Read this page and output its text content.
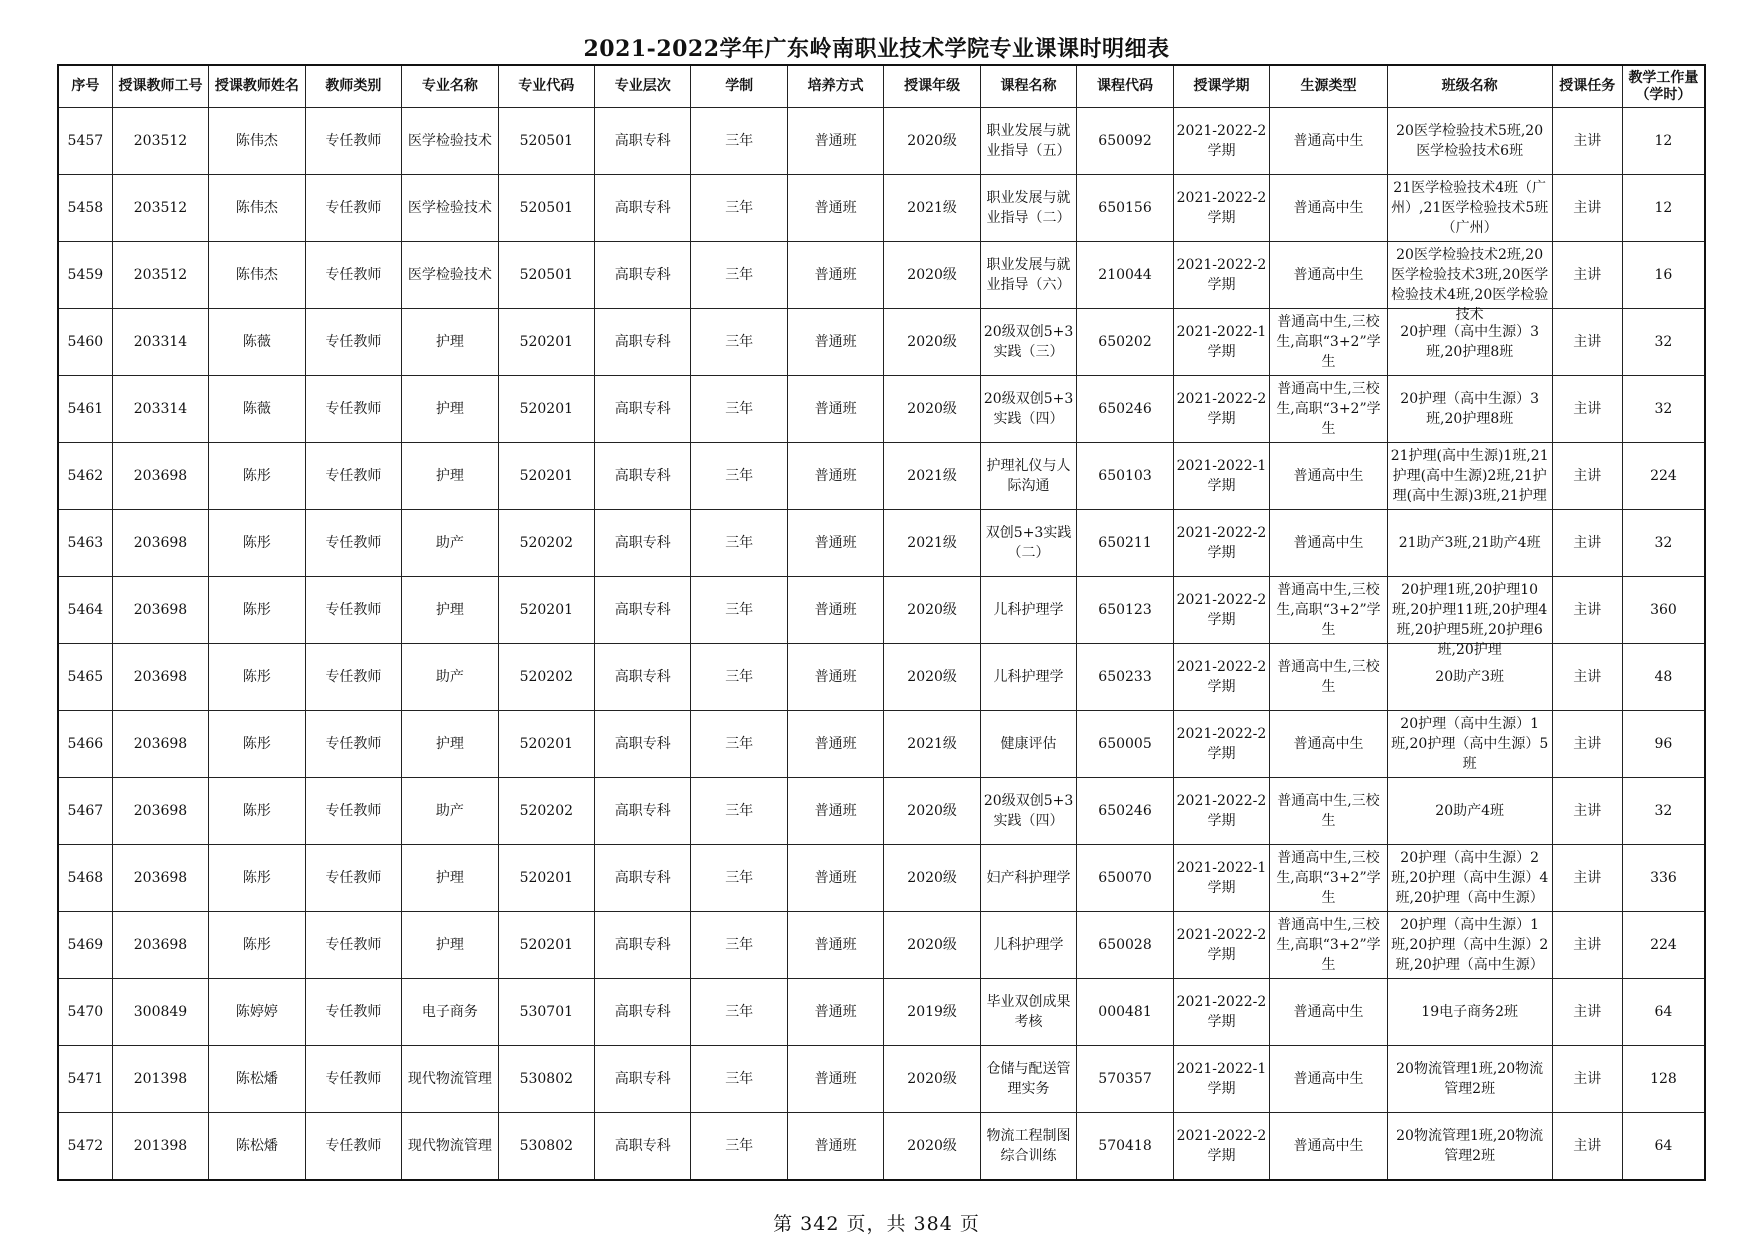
2021-2022学年广东岭南职业技术学院专业课课时明细表
序号	授课教师工号	授课教师姓名	教师类别	专业名称	专业代码	专业层次	学制	培养方式	授课年级	课程名称	课程代码	授课学期	生源类型	班级名称	授课任务	教学工作量（学时）

5457	203512	陈伟杰	专任教师	医学检验技术	520501	高职专科	三年	普通班	2020级	职业发展与就业指导（五）	650092	2021-2022-2学期	普通高中生	20医学检验技术5班,20医学检验技术6班	主讲	12

5458	203512	陈伟杰	专任教师	医学检验技术	520501	高职专科	三年	普通班	2021级	职业发展与就业指导（二）	650156	2021-2022-2学期	普通高中生	21医学检验技术4班（广州）,21医学检验技术5班（广州）	主讲	12

5459	203512	陈伟杰	专任教师	医学检验技术	520501	高职专科	三年	普通班	2020级	职业发展与就业指导（六）	210044	2021-2022-2学期	普通高中生	20医学检验技术2班,20医学检验技术3班,20医学检验技术4班,20医学检验技术	主讲	16

5460	203314	陈薇	专任教师	护理	520201	高职专科	三年	普通班	2020级	20级双创5+3实践（三）	650202	2021-2022-1学期	普通高中生,三校生,高职“3+2”学生	20护理（高中生源）3班,20护理8班	主讲	32

5461	203314	陈薇	专任教师	护理	520201	高职专科	三年	普通班	2020级	20级双创5+3实践（四）	650246	2021-2022-2学期	普通高中生,三校生,高职“3+2”学生	20护理（高中生源）3班,20护理8班	主讲	32

5462	203698	陈彤	专任教师	护理	520201	高职专科	三年	普通班	2021级	护理礼仪与人际沟通	650103	2021-2022-1学期	普通高中生	21护理(高中生源)1班,21护理(高中生源)2班,21护理(高中生源)3班,21护理	主讲	224

5463	203698	陈彤	专任教师	助产	520202	高职专科	三年	普通班	2021级	双创5+3实践（二）	650211	2021-2022-2学期	普通高中生	21助产3班,21助产4班	主讲	32

5464	203698	陈彤	专任教师	护理	520201	高职专科	三年	普通班	2020级	儿科护理学	650123	2021-2022-2学期	普通高中生,三校生,高职“3+2”学生	20护理1班,20护理10班,20护理11班,20护理4班,20护理5班,20护理6班,20护理	主讲	360

5465	203698	陈彤	专任教师	助产	520202	高职专科	三年	普通班	2020级	儿科护理学	650233	2021-2022-2学期	普通高中生,三校生	20助产3班	主讲	48

5466	203698	陈彤	专任教师	护理	520201	高职专科	三年	普通班	2021级	健康评估	650005	2021-2022-2学期	普通高中生	20护理（高中生源）1班,20护理（高中生源）5班	主讲	96

5467	203698	陈彤	专任教师	助产	520202	高职专科	三年	普通班	2020级	20级双创5+3实践（四）	650246	2021-2022-2学期	普通高中生,三校生	20助产4班	主讲	32

5468	203698	陈彤	专任教师	护理	520201	高职专科	三年	普通班	2020级	妇产科护理学	650070	2021-2022-1学期	普通高中生,三校生,高职“3+2”学生	20护理（高中生源）2班,20护理（高中生源）4班,20护理（高中生源）	主讲	336

5469	203698	陈彤	专任教师	护理	520201	高职专科	三年	普通班	2020级	儿科护理学	650028	2021-2022-2学期	普通高中生,三校生,高职“3+2”学生	20护理（高中生源）1班,20护理（高中生源）2班,20护理（高中生源）	主讲	224

5470	300849	陈婷婷	专任教师	电子商务	530701	高职专科	三年	普通班	2019级	毕业双创成果考核	000481	2021-2022-2学期	普通高中生	19电子商务2班	主讲	64

5471	201398	陈松燔	专任教师	现代物流管理	530802	高职专科	三年	普通班	2020级	仓储与配送管理实务	570357	2021-2022-1学期	普通高中生	20物流管理1班,20物流管理2班	主讲	128

5472	201398	陈松燔	专任教师	现代物流管理	530802	高职专科	三年	普通班	2020级	物流工程制图综合训练	570418	2021-2022-2学期	普通高中生	20物流管理1班,20物流管理2班	主讲	64
第 342 页，共 384 页
